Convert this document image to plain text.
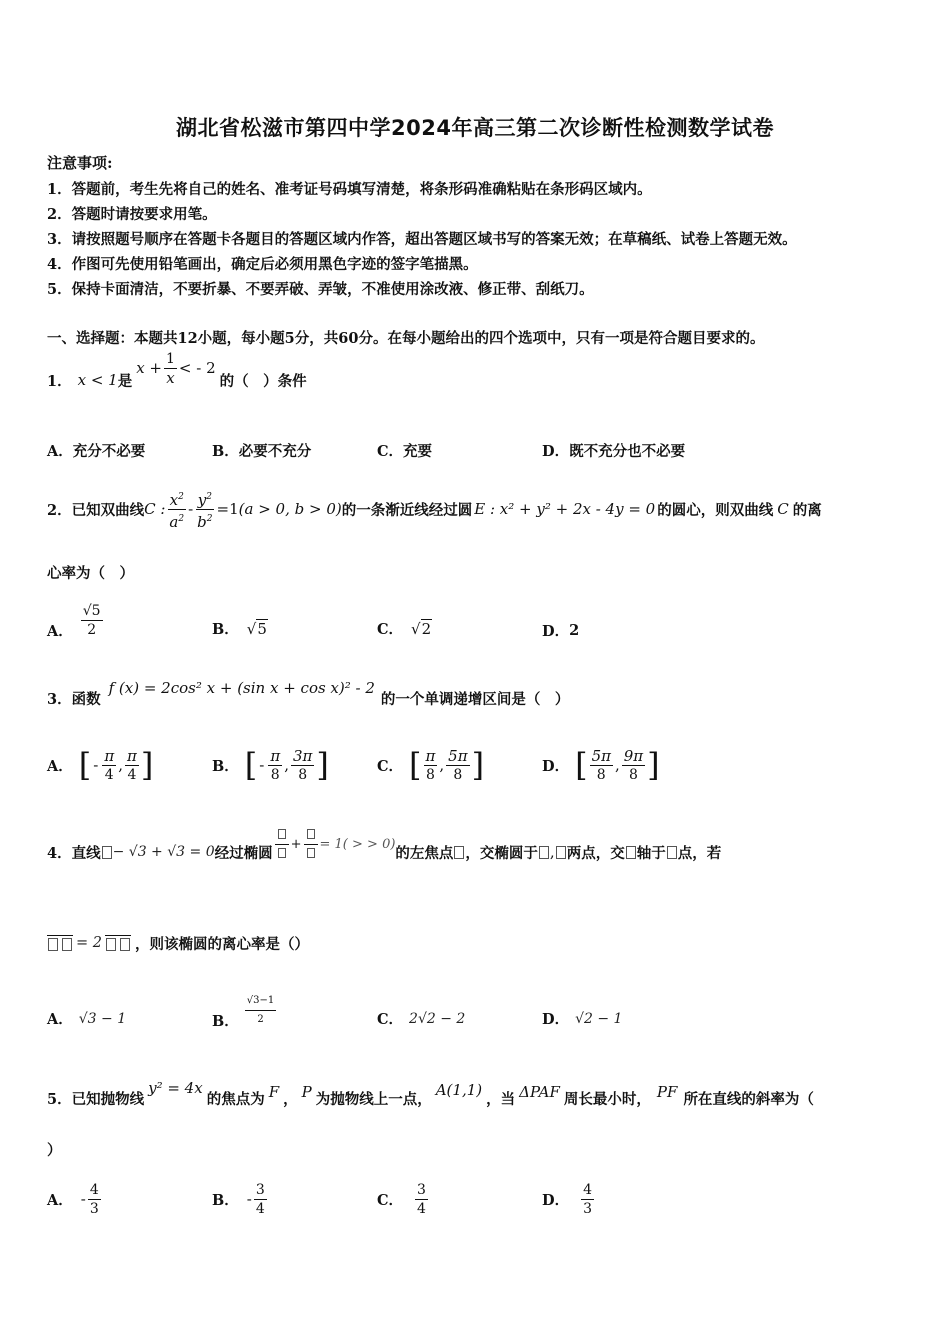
湖北省松滋市第四中学2024年高三第二次诊断性检测数学试卷
注意事项:
1．答题前，考生先将自己的姓名、准考证号码填写清楚，将条形码准确粘贴在条形码区域内。
2．答题时请按要求用笔。
3．请按照题号顺序在答题卡各题目的答题区域内作答，超出答题区域书写的答案无效；在草稿纸、试卷上答题无效。
4．作图可先使用铅笔画出，确定后必须用黑色字迹的签字笔描黑。
5．保持卡面清洁，不要折暴、不要弄破、弄皱，不准使用涂改液、修正带、刮纸刀。
一、选择题：本题共12小题，每小题5分，共60分。在每小题给出的四个选项中，只有一项是符合题目要求的。
1． x < 1 是
$x + \frac{1}{x}$ < - 2
的（　）条件
A． 充分不必要	B． 必要不充分	C． 充要	D． 既不充分也不必要
2． 已知双曲线 C : $\frac{x^2}{a^2} - \frac{y^2}{b^2} =1$ (a > 0, b > 0) 的一条渐近线经过圆 E : x² + y² + 2x - 4y = 0 的圆心，则双曲线 C 的离
心率为（　）
A． $\frac{√5}{2}$	B． √5	C． √2	D． 2
3． 函数
f (x) = 2cos² x + (sin x + cos x)² - 2
的一个单调递增区间是（　）
A． [ - $\frac{\pi}{4}$ , $\frac{\pi}{4}$ ]	B． [ - $\frac{\pi}{8}$ , $\frac{3\pi}{8}$ ]	C． [ $\frac{\pi}{8}$ , $\frac{5\pi}{8}$ ]	D． [ $\frac{5\pi}{8}$ , $\frac{9\pi}{8}$ ]
4． 直线 − √3 + √3 = 0 经过椭圆
+ = 1( > > 0)
的左焦点 ，交椭圆于 , 两点，交 轴于 点，若
= 2 ，则该椭圆的离心率是（）
A． √3 − 1	B． $\frac{√3-1}{2}$	C． 2√2 − 2	D． √2 − 1
5． 已知抛物线
y² = 4x
的焦点为 F ， P 为抛物线上一点， A(1,1) ，当 ΔPAF 周长最小时， PF 所在直线的斜率为（
）
A． - $\frac{4}{3}$	B． - $\frac{3}{4}$	C． $\frac{3}{4}$	D． $\frac{4}{3}$
